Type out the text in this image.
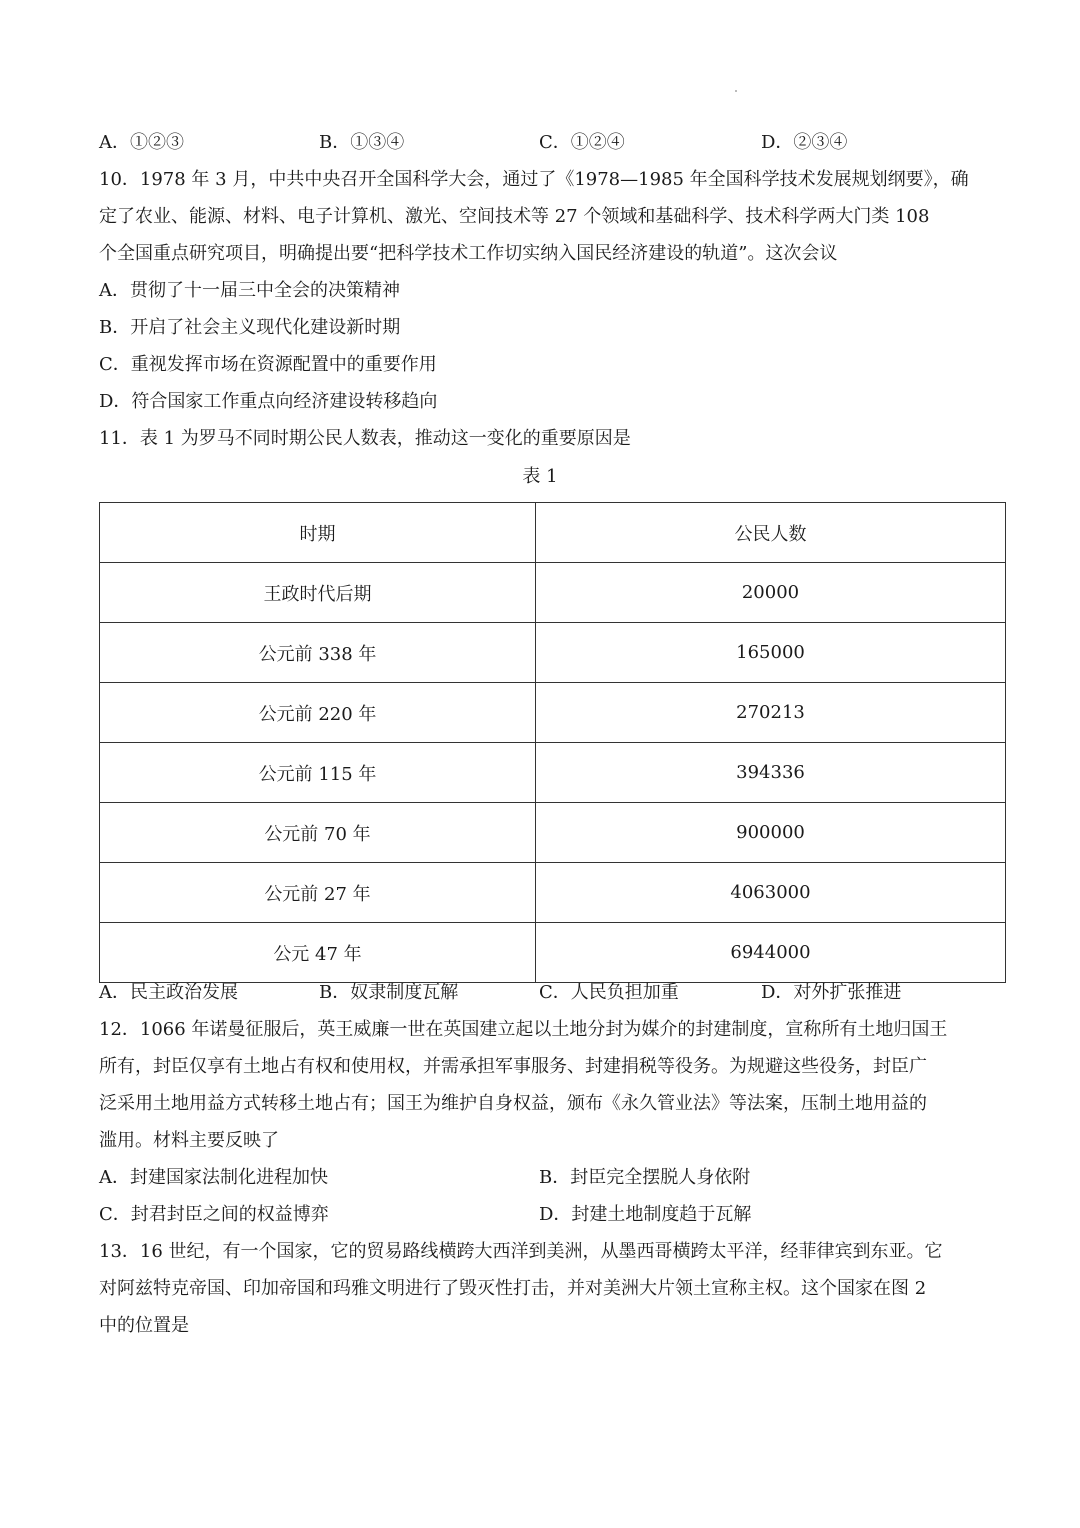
A．①②③	B．①③④	C．①②④	D．②③④
10．1978 年 3 月，中共中央召开全国科学大会，通过了《1978—1985 年全国科学技术发展规划纲要》，确
定了农业、能源、材料、电子计算机、激光、空间技术等 27 个领域和基础科学、技术科学两大门类 108
个全国重点研究项目，明确提出要“把科学技术工作切实纳入国民经济建设的轨道”。这次会议
A．贯彻了十一届三中全会的决策精神
B．开启了社会主义现代化建设新时期
C．重视发挥市场在资源配置中的重要作用
D．符合国家工作重点向经济建设转移趋向
11．表 1 为罗马不同时期公民人数表，推动这一变化的重要原因是
表 1
时期	公民人数
王政时代后期	20000
公元前 338 年	165000
公元前 220 年	270213
公元前 115 年	394336
公元前 70 年	900000
公元前 27 年	4063000
公元 47 年	6944000
A．民主政治发展	B．奴隶制度瓦解	C．人民负担加重	D．对外扩张推进
12．1066 年诺曼征服后，英王威廉一世在英国建立起以土地分封为媒介的封建制度，宣称所有土地归国王
所有，封臣仅享有土地占有权和使用权，并需承担军事服务、封建捐税等役务。为规避这些役务，封臣广
泛采用土地用益方式转移土地占有；国王为维护自身权益，颁布《永久管业法》等法案，压制土地用益的
滥用。材料主要反映了
A．封建国家法制化进程加快	B．封臣完全摆脱人身依附
C．封君封臣之间的权益博弈	D．封建土地制度趋于瓦解
13．16 世纪，有一个国家，它的贸易路线横跨大西洋到美洲，从墨西哥横跨太平洋，经菲律宾到东亚。它
对阿兹特克帝国、印加帝国和玛雅文明进行了毁灭性打击，并对美洲大片领土宣称主权。这个国家在图 2
中的位置是
